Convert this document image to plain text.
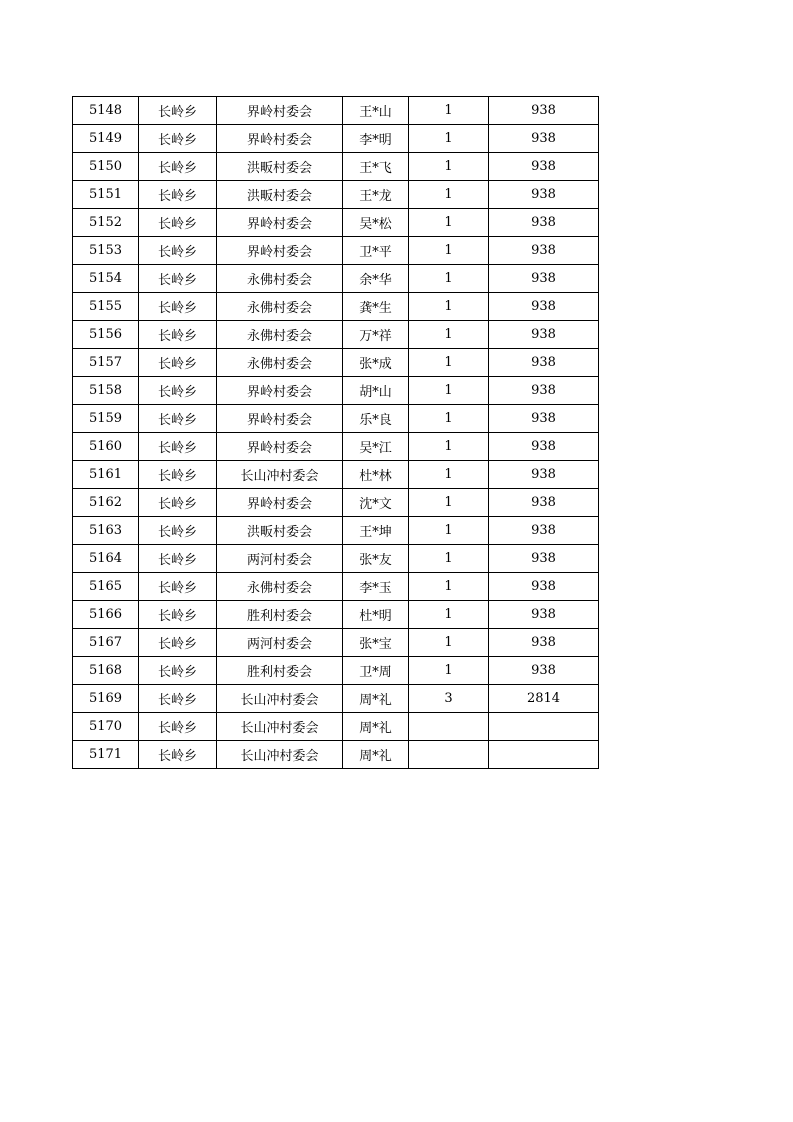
5148	长岭乡	界岭村委会	王*山	1	938
5149	长岭乡	界岭村委会	李*明	1	938
5150	长岭乡	洪畈村委会	王*飞	1	938
5151	长岭乡	洪畈村委会	王*龙	1	938
5152	长岭乡	界岭村委会	吴*松	1	938
5153	长岭乡	界岭村委会	卫*平	1	938
5154	长岭乡	永佛村委会	余*华	1	938
5155	长岭乡	永佛村委会	龚*生	1	938
5156	长岭乡	永佛村委会	万*祥	1	938
5157	长岭乡	永佛村委会	张*成	1	938
5158	长岭乡	界岭村委会	胡*山	1	938
5159	长岭乡	界岭村委会	乐*良	1	938
5160	长岭乡	界岭村委会	吴*江	1	938
5161	长岭乡	长山冲村委会	杜*林	1	938
5162	长岭乡	界岭村委会	沈*文	1	938
5163	长岭乡	洪畈村委会	王*坤	1	938
5164	长岭乡	两河村委会	张*友	1	938
5165	长岭乡	永佛村委会	李*玉	1	938
5166	长岭乡	胜利村委会	杜*明	1	938
5167	长岭乡	两河村委会	张*宝	1	938
5168	长岭乡	胜利村委会	卫*周	1	938
5169	长岭乡	长山冲村委会	周*礼	3	2814
5170	长岭乡	长山冲村委会	周*礼		
5171	长岭乡	长山冲村委会	周*礼		
